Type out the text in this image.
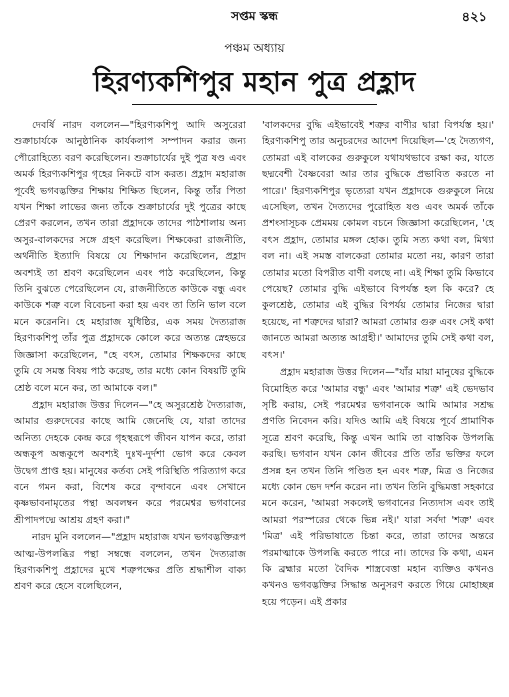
সপ্তম স্কন্ধ	৪২১
পঞ্চম অধ্যায়
হিরণ্যকশিপুর মহান পুত্র প্রহ্লাদ

দেবর্ষি নারদ বললেন—"হিরণ্যকশিপু আদি অসুরেরা শুক্রাচার্যকে আনুষ্ঠানিক কার্যকলাপ সম্পাদন করার জন্য পৌরোহিত্যে বরণ করেছিলেন। শুক্রাচার্যের দুই পুত্র ষণ্ড এবং অমর্ক হিরণ্যকশিপুর গৃহের নিকটে বাস করত। প্রহ্লাদ মহারাজ পূর্বেই ভগবদ্ভক্তির শিক্ষায় শিক্ষিত ছিলেন, কিন্তু তাঁর পিতা যখন শিক্ষা লাভের জন্য তাঁকে শুক্রাচার্যের দুই পুত্রের কাছে প্রেরণ করলেন, তখন তারা প্রহ্লাদকে তাদের পাঠশালায় অন্য অসুর-বালকদের সঙ্গে গ্রহণ করেছিল। শিক্ষকেরা রাজনীতি, অর্থনীতি ইত্যাদি বিষয়ে যে শিক্ষাদান করেছিলেন, প্রহ্লাদ অবশ্যই তা শ্রবণ করেছিলেন এবং পাঠ করেছিলেন, কিন্তু তিনি বুঝতে পেরেছিলেন যে, রাজনীতিতে কাউকে বন্ধু এবং কাউকে শত্রু বলে বিবেচনা করা হয় এবং তা তিনি ভাল বলে মনে করেননি। হে মহারাজ যুধিষ্ঠির, এক সময় দৈত্যরাজ হিরণ্যকশিপু তাঁর পুত্র প্রহ্লাদকে কোলে করে অত্যন্ত স্নেহভরে জিজ্ঞাসা করেছিলেন, "হে বৎস, তোমার শিক্ষকদের কাছে তুমি যে সমস্ত বিষয় পাঠ করেছ, তার মধ্যে কোন বিষয়টি তুমি শ্রেষ্ঠ বলে মনে কর, তা আমাকে বল।"

প্রহ্লাদ মহারাজ উত্তর দিলেন—"হে অসুরশ্রেষ্ঠ দৈত্যরাজ, আমার গুরুদেবের কাছে আমি জেনেছি যে, যারা তাদের অনিত্য দেহকে কেন্দ্র করে গৃহস্থরূপে জীবন যাপন করে, তারা অন্ধকূপ অন্ধকূপে অবশ্যই দুঃখ-দুর্দশা ভোগ করে কেবল উদ্বেগ প্রাপ্ত হয়। মানুষের কর্তব্য সেই পরিস্থিতি পরিত্যাগ করে বনে গমন করা, বিশেষ করে বৃন্দাবনে এবং সেখানে কৃষ্ণভাবনামৃতের পন্থা অবলম্বন করে পরমেশ্বর ভগবানের শ্রীপাদপদ্মে আশ্রয় গ্রহণ করা।"

নারদ মুনি বললেন—"প্রহ্লাদ মহারাজ যখন ভগবদ্ভক্তিরূপ আত্ম-উপলব্ধির পন্থা সম্বন্ধে বললেন, তখন দৈত্যরাজ হিরণ্যকশিপু প্রহ্লাদের মুখে শত্রুপক্ষের প্রতি শ্রদ্ধাশীল বাক্য শ্রবণ করে হেসে বলেছিলেন,

'বালকদের বুদ্ধি এইভাবেই শত্রুর বাণীর দ্বারা বিপর্যস্ত হয়।' হিরণ্যকশিপু তার অনুচরদের আদেশ দিয়েছিল—'হে দৈত্যগণ, তোমরা এই বালকের গুরুকুলে যথাযথভাবে রক্ষা কর, যাতে ছদ্মবেশী বৈষ্ণবেরা আর তার বুদ্ধিকে প্রভাবিত করতে না পারে।' হিরণ্যকশিপুর ভৃত্যেরা যখন প্রহ্লাদকে গুরুকুলে নিয়ে এসেছিল, তখন দৈত্যদের পুরোহিত ষণ্ড এবং অমর্ক তাঁকে প্রশংসাসূচক প্রেমময় কোমল বচনে জিজ্ঞাসা করেছিলেন, 'হে বৎস প্রহ্লাদ, তোমার মঙ্গল হোক। তুমি সত্য কথা বল, মিথ্যা বল না। এই সমস্ত বালকেরা তোমার মতো নয়, কারণ তারা তোমার মতো বিপরীত বাণী বলছে না। এই শিক্ষা তুমি কিভাবে পেয়েছ? তোমার বুদ্ধি এইভাবে বিপর্যস্ত হল কি করে? হে কুলশ্রেষ্ঠ, তোমার এই বুদ্ধির বিপর্যয় তোমার নিজের দ্বারা হয়েছে, না শত্রুদের দ্বারা? আমরা তোমার গুরু এবং সেই কথা জানতে আমরা অত্যন্ত আগ্রহী।' আমাদের তুমি সেই কথা বল, বৎস।'

প্রহ্লাদ মহারাজ উত্তর দিলেন—"যাঁর মায়া মানুষের বুদ্ধিকে বিমোহিত করে 'আমার বন্ধু' এবং 'আমার শত্রু' এই ভেদভাব সৃষ্টি করায়, সেই পরমেশ্বর ভগবানকে আমি আমার সশ্রদ্ধ প্রণতি নিবেদন করি। যদিও আমি এই বিষয়ে পূর্বে প্রামাণিক সূত্রে শ্রবণ করেছি, কিন্তু এখন আমি তা বাস্তবিক উপলব্ধি করছি। ভগবান যখন কোন জীবের প্রতি তাঁর ভক্তির ফলে প্রসন্ন হন তখন তিনি পণ্ডিত হন এবং শত্রু, মিত্র ও নিজের মধ্যে কোন ভেদ দর্শন করেন না। তখন তিনি বুদ্ধিমত্তা সহকারে মনে করেন, 'আমরা সকলেই ভগবানের নিত্যদাস এবং তাই আমরা পরস্পরের থেকে ভিন্ন নই।' যারা সর্বদা 'শত্রু' এবং 'মিত্র' এই পরিভাষাতে চিন্তা করে, তারা তাদের অন্তরে পরমাত্মাকে উপলব্ধি করতে পারে না। তাদের কি কথা, এমন কি ব্রহ্মার মতো বৈদিক শাস্ত্রবেত্তা মহান ব্যক্তিও কখনও কখনও ভগবদ্ভক্তির সিদ্ধান্ত অনুসরণ করতে গিয়ে মোহাচ্ছন্ন হয়ে পড়েন। এই প্রকার
